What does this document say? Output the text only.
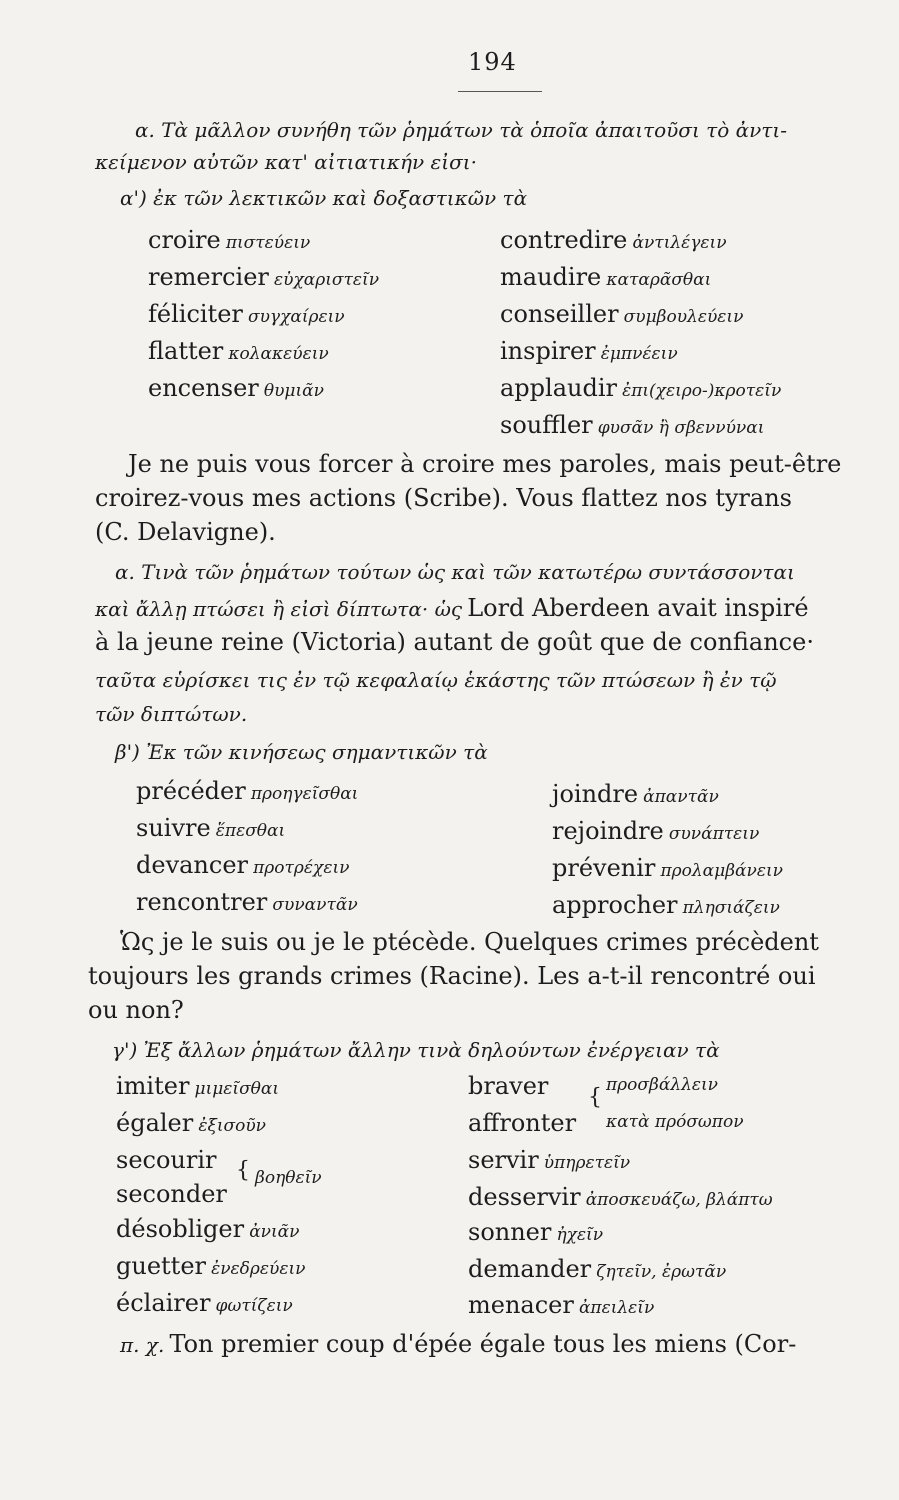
194
α. Τὰ μᾶλλον συνήθη τῶν ῥημάτων τὰ ὁποῖα ἀπαιτοῦσι τὸ ἀντι-
κείμενον αὐτῶν κατ' αἰτιατικήν εἰσι·
α') ἐκ τῶν λεκτικῶν καὶ δοξαστικῶν τὰ
croire πιστεύειν
remercier εὐχαριστεῖν
féliciter συγχαίρειν
flatter κολακεύειν
encenser θυμιᾶν
contredire ἀντιλέγειν
maudire καταρᾶσθαι
conseiller συμβουλεύειν
inspirer ἐμπνέειν
applaudir ἐπι(χειρο-)κροτεῖν
souffler φυσᾶν ἢ σβεννύναι
Je ne puis vous forcer à croire mes paroles, mais peut-être
croirez-vous mes actions (Scribe). Vous flattez nos tyrans
(C. Delavigne).
α. Τινὰ τῶν ῥημάτων τούτων ὡς καὶ τῶν κατωτέρω συντάσσονται
καὶ ἄλλῃ πτώσει ἢ εἰσὶ δίπτωτα· ὡς Lord Aberdeen avait inspiré
à la jeune reine (Victoria) autant de goût que de confiance·
ταῦτα εὑρίσκει τις ἐν τῷ κεφαλαίῳ ἑκάστης τῶν πτώσεων ἢ ἐν τῷ
τῶν διπτώτων.
β') Ἐκ τῶν κινήσεως σημαντικῶν τὰ
précéder προηγεῖσθαι
suivre ἕπεσθαι
devancer προτρέχειν
rencontrer συναντᾶν
joindre ἀπαντᾶν
rejoindre συνάπτειν
prévenir προλαμβάνειν
approcher πλησιάζειν
Ὡς je le suis ou je le ptécède. Quelques crimes précèdent
toujours les grands crimes (Racine). Les a-t-il rencontré oui
ou non?
γ') Ἐξ ἄλλων ῥημάτων ἄλλην τινὰ δηλούντων ἐνέργειαν τὰ
imiter μιμεῖσθαι
égaler ἐξισοῦν
secourir
seconder
{ βοηθεῖν
désobliger ἀνιᾶν
guetter ἐνεδρεύειν
éclairer φωτίζειν
braver
affronter
{ προσβάλλειν
κατὰ πρόσωπον
servir ὑπηρετεῖν
desservir ἀποσκευάζω, βλάπτω
sonner ἠχεῖν
demander ζητεῖν, ἐρωτᾶν
menacer ἀπειλεῖν
π. χ. Ton premier coup d'épée égale tous les miens (Cor-
